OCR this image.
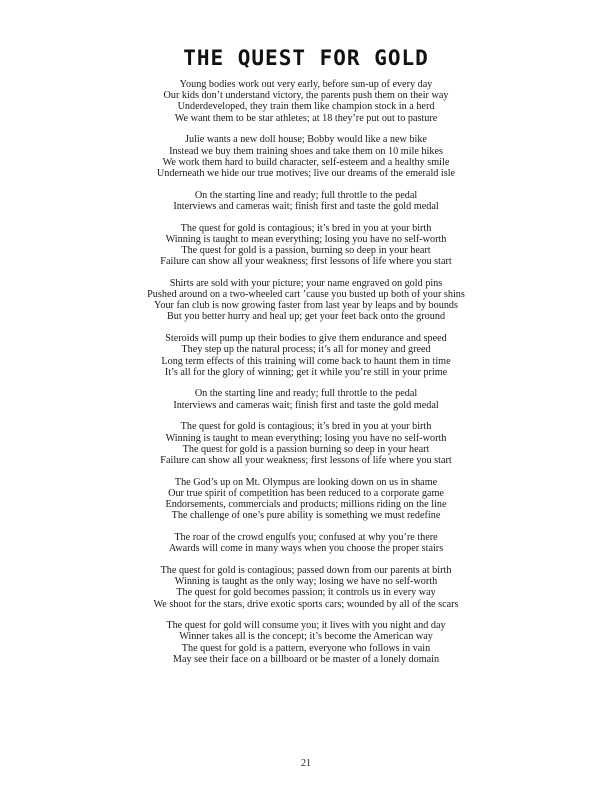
THE QUEST FOR GOLD
Young bodies work out very early, before sun-up of every day
Our kids don’t understand victory, the parents push them on their way
Underdeveloped, they train them like champion stock in a herd
We want them to be star athletes; at 18 they’re put out to pasture
Julie wants a new doll house; Bobby would like a new bike
Instead we buy them training shoes and take them on 10 mile hikes
We work them hard to build character, self-esteem and a healthy smile
Underneath we hide our true motives; live our dreams of the emerald isle
On the starting line and ready; full throttle to the pedal
Interviews and cameras wait; finish first and taste the gold medal
The quest for gold is contagious; it’s bred in you at your birth
Winning is taught to mean everything; losing you have no self-worth
The quest for gold is a passion, burning so deep in your heart
Failure can show all your weakness; first lessons of life where you start
Shirts are sold with your picture; your name engraved on gold pins
Pushed around on a two-wheeled cart ’cause you busted up both of your shins
Your fan club is now growing faster from last year by leaps and by bounds
But you better hurry and heal up; get your feet back onto the ground
Steroids will pump up their bodies to give them endurance and speed
They step up the natural process; it’s all for money and greed
Long term effects of this training will come back to haunt them in time
It’s all for the glory of winning; get it while you’re still in your prime
On the starting line and ready; full throttle to the pedal
Interviews and cameras wait; finish first and taste the gold medal
The quest for gold is contagious; it’s bred in you at your birth
Winning is taught to mean everything; losing you have no self-worth
The quest for gold is a passion burning so deep in your heart
Failure can show all your weakness; first lessons of life where you start
The God’s up on Mt. Olympus are looking down on us in shame
Our true spirit of competition has been reduced to a corporate game
Endorsements, commercials and products; millions riding on the line
The challenge of one’s pure ability is something we must redefine
The roar of the crowd engulfs you; confused at why you’re there
Awards will come in many ways when you choose the proper stairs
The quest for gold is contagious; passed down from our parents at birth
Winning is taught as the only way; losing we have no self-worth
The quest for gold becomes passion; it controls us in every way
We shoot for the stars, drive exotic sports cars; wounded by all of the scars
The quest for gold will consume you; it lives with you night and day
Winner takes all is the concept; it’s become the American way
The quest for gold is a pattern, everyone who follows in vain
May see their face on a billboard or be master of a lonely domain
21
